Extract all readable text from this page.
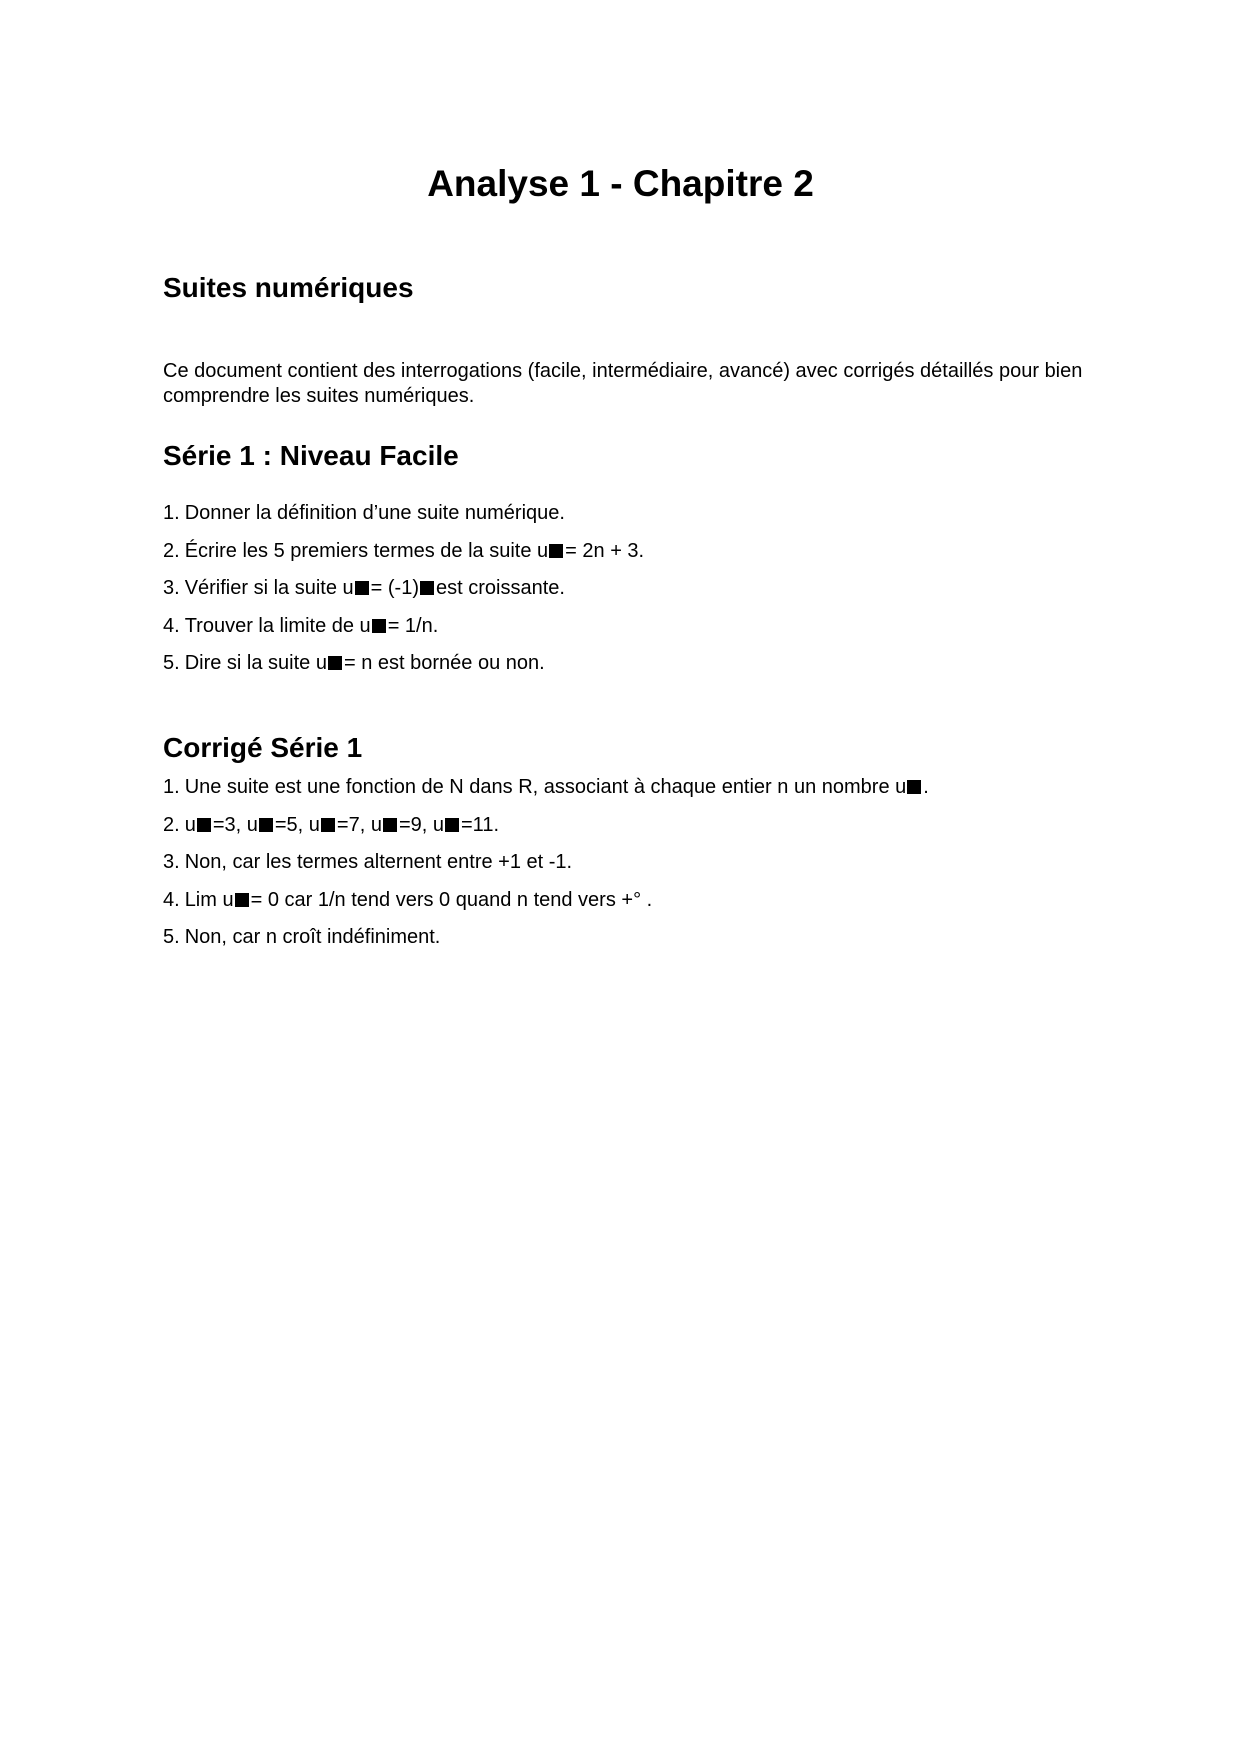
Analyse 1 - Chapitre 2
Suites numériques

Ce document contient des interrogations (facile, intermédiaire, avancé) avec corrigés détaillés pour bien comprendre les suites numériques.

Série 1 : Niveau Facile
1. Donner la définition d’une suite numérique.
2. Écrire les 5 premiers termes de la suite u = 2n + 3.
3. Vérifier si la suite u = (-1) est croissante.
4. Trouver la limite de u = 1/n.
5. Dire si la suite u = n est bornée ou non.
Corrigé Série 1
1. Une suite est une fonction de N dans R, associant à chaque entier n un nombre u .
2. u =3, u =5, u =7, u =9, u =11.
3. Non, car les termes alternent entre +1 et -1.
4. Lim u = 0 car 1/n tend vers 0 quand n tend vers +° .
5. Non, car n croît indéfiniment.
